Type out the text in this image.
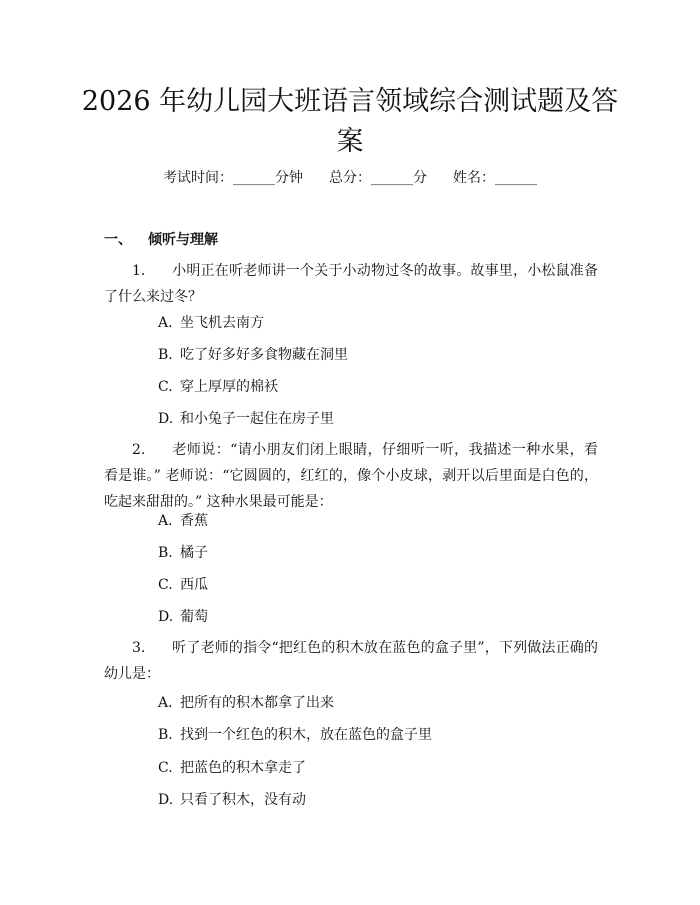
2026 年幼儿园大班语言领域综合测试题及答案
考试时间：______分钟 总分：______分 姓名：______
一、 倾听与理解
1. 小明正在听老师讲一个关于小动物过冬的故事。故事里，小松鼠准备了什么来过冬？
A. 坐飞机去南方
B. 吃了好多好多食物藏在洞里
C. 穿上厚厚的棉袄
D. 和小兔子一起住在房子里
2. 老师说：“请小朋友们闭上眼睛，仔细听一听，我描述一种水果，看看是谁。” 老师说：“它圆圆的，红红的，像个小皮球，剥开以后里面是白色的，吃起来甜甜的。” 这种水果最可能是：
A. 香蕉
B. 橘子
C. 西瓜
D. 葡萄
3. 听了老师的指令“把红色的积木放在蓝色的盒子里”，下列做法正确的幼儿是：
A. 把所有的积木都拿了出来
B. 找到一个红色的积木，放在蓝色的盒子里
C. 把蓝色的积木拿走了
D. 只看了积木，没有动
